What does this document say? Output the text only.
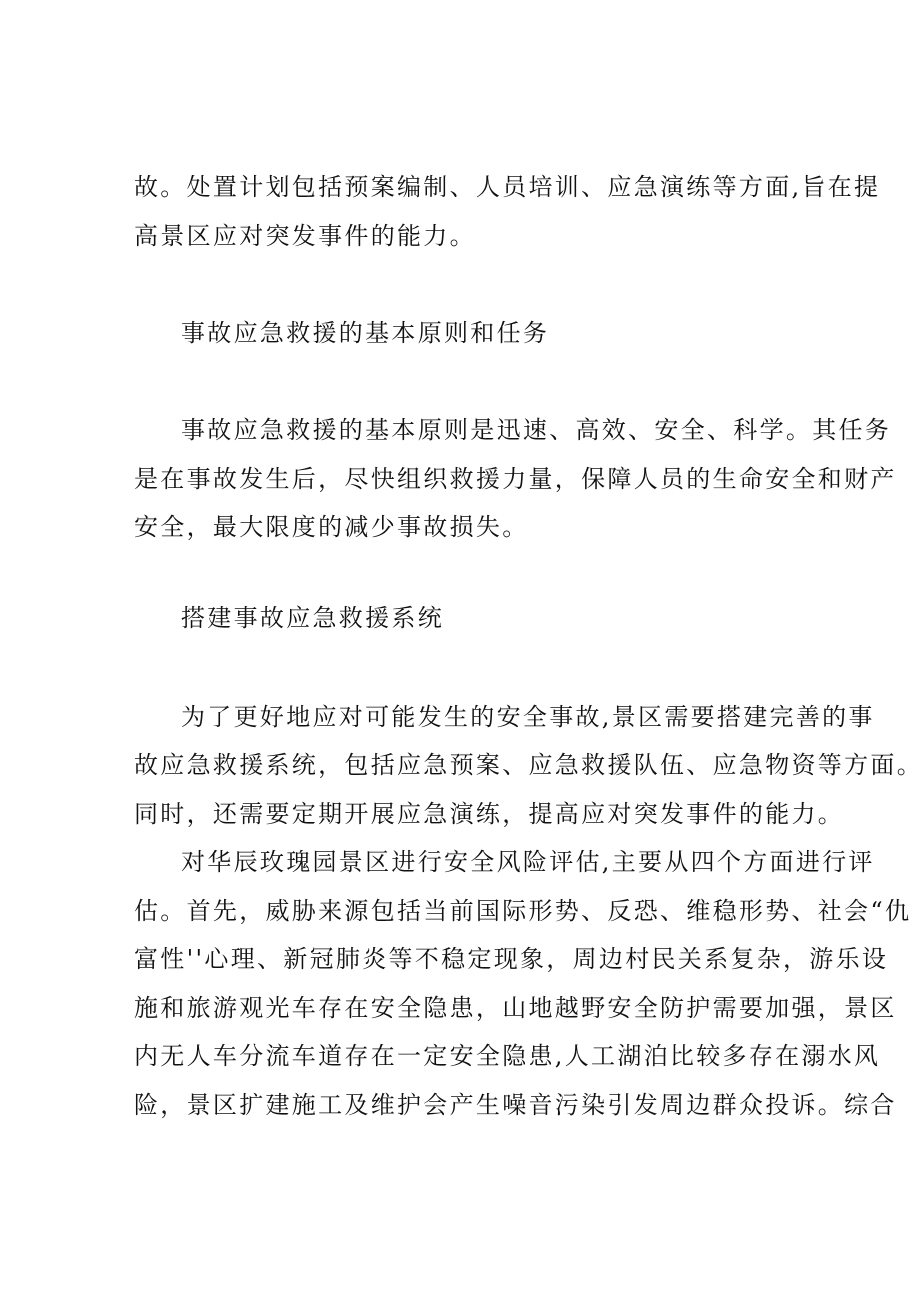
故。处置计划包括预案编制、人员培训、应急演练等方面,旨在提
高景区应对突发事件的能力。
事故应急救援的基本原则和任务
事故应急救援的基本原则是迅速、高效、安全、科学。其任务
是在事故发生后，尽快组织救援力量，保障人员的生命安全和财产
安全，最大限度的减少事故损失。
搭建事故应急救援系统
为了更好地应对可能发生的安全事故,景区需要搭建完善的事
故应急救援系统，包括应急预案、应急救援队伍、应急物资等方面。
同时，还需要定期开展应急演练，提高应对突发事件的能力。
对华辰玫瑰园景区进行安全风险评估,主要从四个方面进行评
估。首先，威胁来源包括当前国际形势、反恐、维稳形势、社会“仇
富性''心理、新冠肺炎等不稳定现象，周边村民关系复杂，游乐设
施和旅游观光车存在安全隐患，山地越野安全防护需要加强，景区
内无人车分流车道存在一定安全隐患,人工湖泊比较多存在溺水风
险，景区扩建施工及维护会产生噪音污染引发周边群众投诉。综合
